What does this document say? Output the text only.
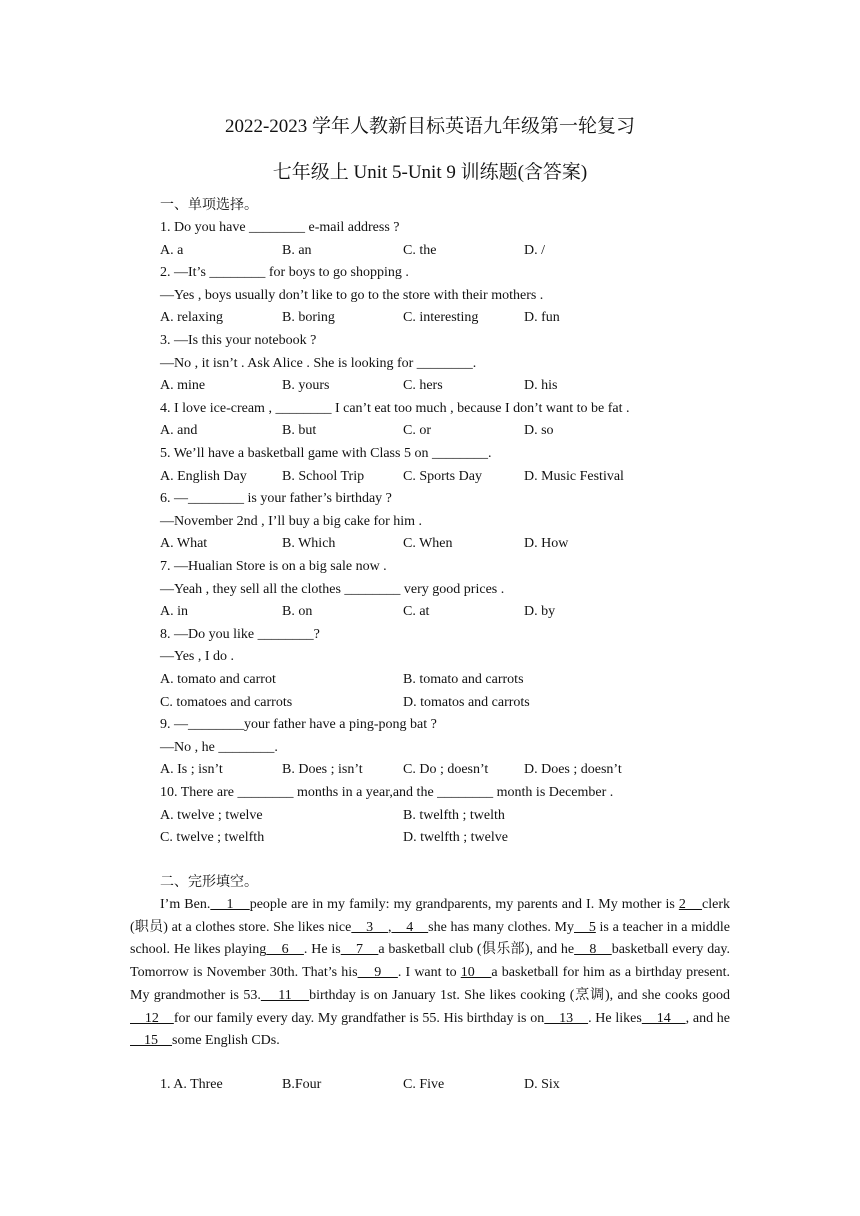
2022-2023 学年人教新目标英语九年级第一轮复习
七年级上 Unit 5-Unit 9 训练题(含答案)
一、单项选择。
1. Do you have ________ e-mail address ?
A. a	B. an	C. the	D. /
2. —It’s ________ for boys to go shopping .
—Yes , boys usually don’t like to go to the store with their mothers .
A. relaxing	B. boring	C. interesting	D. fun
3. —Is this your notebook ?
—No , it isn’t . Ask Alice . She is looking for ________.
A. mine	B. yours	C. hers	D. his
4. I love ice-cream , ________ I can’t eat too much , because I don’t want to be fat .
A. and	B. but	C. or	D. so
5. We’ll have a basketball game with Class 5 on ________.
A. English Day	B. School Trip	C. Sports Day	D. Music Festival
6. —________ is your father’s birthday ?
—November 2nd , I’ll buy a big cake for him .
A. What	B. Which	C. When	D. How
7. —Hualian Store is on a big sale now .
—Yeah , they sell all the clothes ________ very good prices .
A. in	B. on	C. at	D. by
8. —Do you like ________?
—Yes , I do .
A. tomato and carrot	B. tomato and carrots
C. tomatoes and carrots	D. tomatos and carrots
9. —________your father have a ping-pong bat ?
—No , he ________.
A. Is ; isn’t	B. Does ; isn’t	C. Do ; doesn’t	D. Does ; doesn’t
10. There are ________ months in a year,and the ________ month is December .
A. twelve ; twelve	B. twelfth ; twelth
C. twelve ; twelfth	D. twelfth ; twelve
二、完形填空。

I’m Ben.    1    people are in my family: my grandparents, my parents and I. My mother is 2    clerk (职员) at a clothes store. She likes nice    3    ,    4    she has many clothes. My    5 is a teacher in a middle school. He likes playing    6    . He is    7    a basketball club (俱乐部), and he    8    basketball every day. Tomorrow is November 30th. That’s his    9    . I want to 10    a basketball for him as a birthday present. My grandmother is 53.    11    birthday is on January 1st. She likes cooking (烹调), and she cooks good    12    for our family every day. My grandfather is 55. His birthday is on    13    . He likes    14    , and he    15    some English CDs.

1. A. Three	B.Four	C. Five	D. Six
